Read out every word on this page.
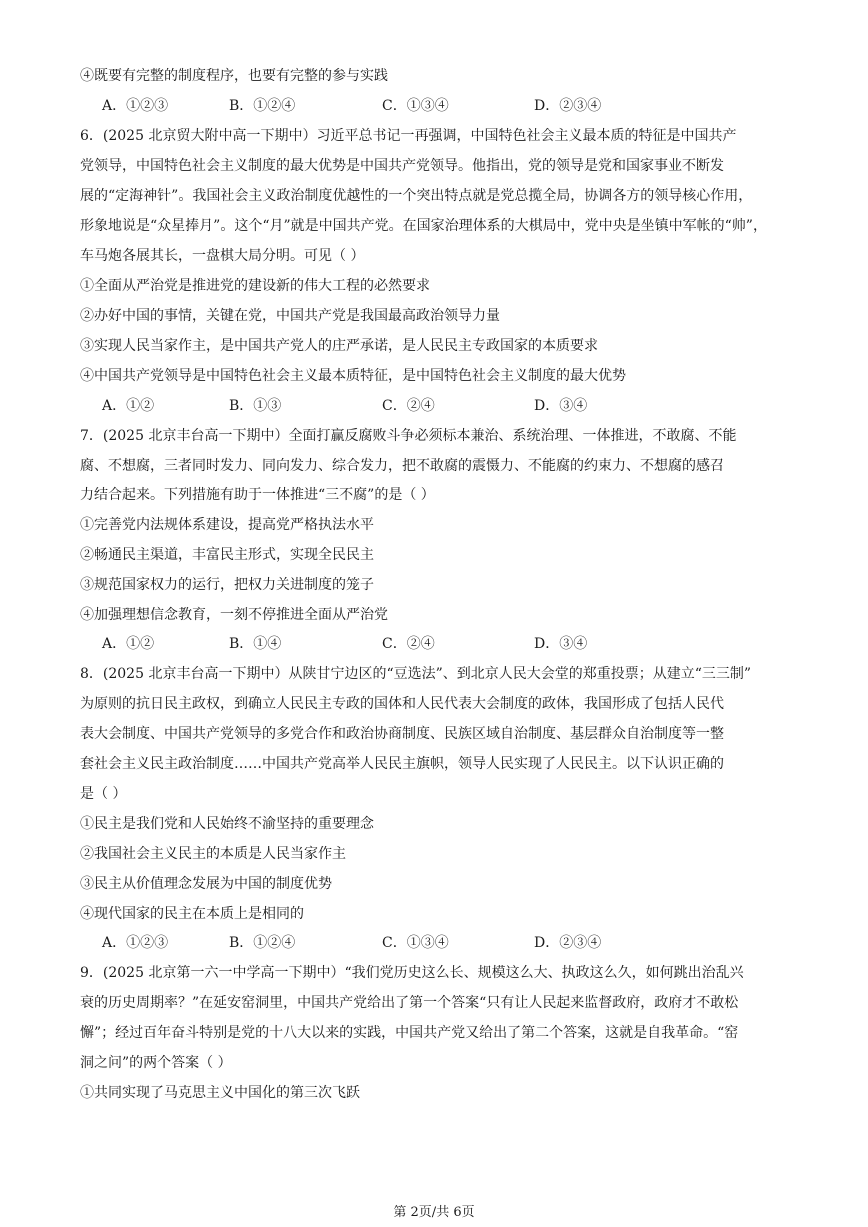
④既要有完整的制度程序，也要有完整的参与实践
A．①②③	B．①②④	C．①③④	D．②③④
6．(2025 北京贸大附中高一下期中）习近平总书记一再强调，中国特色社会主义最本质的特征是中国共产
党领导，中国特色社会主义制度的最大优势是中国共产党领导。他指出，党的领导是党和国家事业不断发
展的“定海神针”。我国社会主义政治制度优越性的一个突出特点就是党总揽全局，协调各方的领导核心作用，
形象地说是“众星捧月”。这个“月”就是中国共产党。在国家治理体系的大棋局中，党中央是坐镇中军帐的“帅”，
车马炮各展其长，一盘棋大局分明。可见（ ）
①全面从严治党是推进党的建设新的伟大工程的必然要求
②办好中国的事情，关键在党，中国共产党是我国最高政治领导力量
③实现人民当家作主，是中国共产党人的庄严承诺，是人民民主专政国家的本质要求
④中国共产党领导是中国特色社会主义最本质特征，是中国特色社会主义制度的最大优势
A．①②	B．①③	C．②④	D．③④
7．(2025 北京丰台高一下期中）全面打赢反腐败斗争必须标本兼治、系统治理、一体推进，不敢腐、不能
腐、不想腐，三者同时发力、同向发力、综合发力，把不敢腐的震慑力、不能腐的约束力、不想腐的感召
力结合起来。下列措施有助于一体推进“三不腐”的是（ ）
①完善党内法规体系建设，提高党严格执法水平
②畅通民主渠道，丰富民主形式，实现全民民主
③规范国家权力的运行，把权力关进制度的笼子
④加强理想信念教育，一刻不停推进全面从严治党
A．①②	B．①④	C．②④	D．③④
8．(2025 北京丰台高一下期中）从陕甘宁边区的“豆选法”、到北京人民大会堂的郑重投票；从建立“三三制”
为原则的抗日民主政权，到确立人民民主专政的国体和人民代表大会制度的政体，我国形成了包括人民代
表大会制度、中国共产党领导的多党合作和政治协商制度、民族区域自治制度、基层群众自治制度等一整
套社会主义民主政治制度……中国共产党高举人民民主旗帜，领导人民实现了人民民主。以下认识正确的
是（ ）
①民主是我们党和人民始终不渝坚持的重要理念
②我国社会主义民主的本质是人民当家作主
③民主从价值理念发展为中国的制度优势
④现代国家的民主在本质上是相同的
A．①②③	B．①②④	C．①③④	D．②③④
9．(2025 北京第一六一中学高一下期中）“我们党历史这么长、规模这么大、执政这么久，如何跳出治乱兴
衰的历史周期率？”在延安窑洞里，中国共产党给出了第一个答案“只有让人民起来监督政府，政府才不敢松
懈”；经过百年奋斗特别是党的十八大以来的实践，中国共产党又给出了第二个答案，这就是自我革命。“窑
洞之问”的两个答案（ ）
①共同实现了马克思主义中国化的第三次飞跃
第 2页/共 6页
